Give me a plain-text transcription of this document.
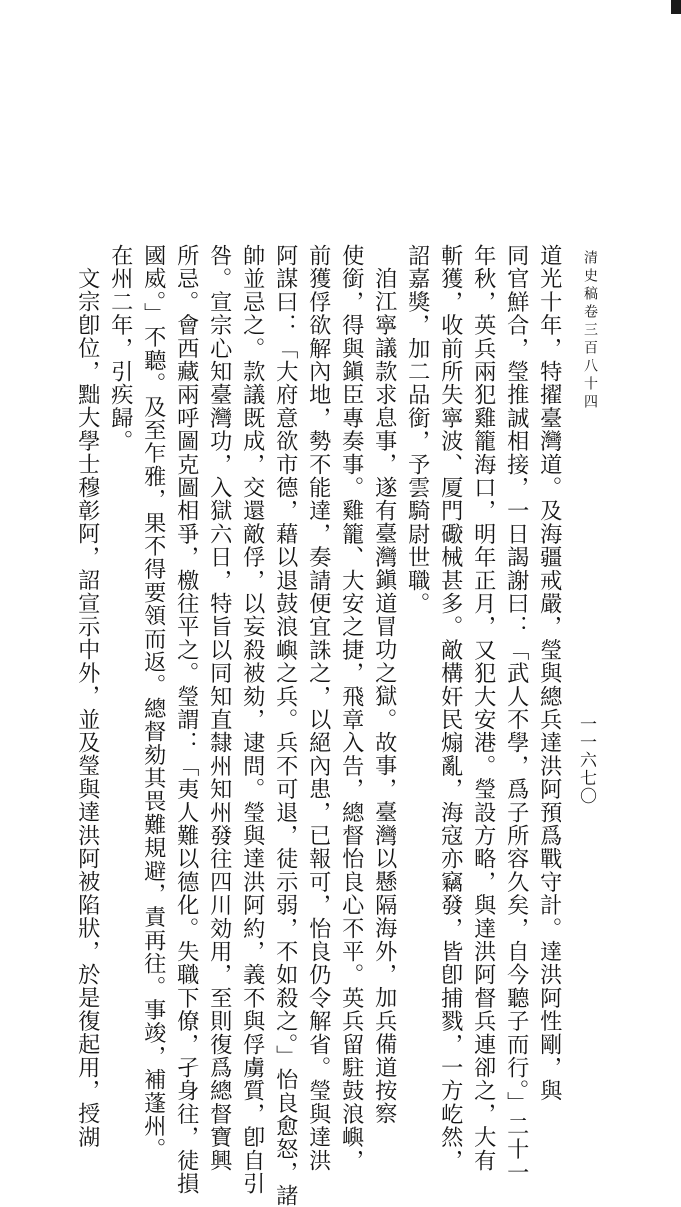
清史稿卷三百八十四
一一六七〇
道光十年，特擢臺灣道。及海疆戒嚴，瑩與總兵達洪阿預爲戰守計。達洪阿性剛，與
同官鮮合，瑩推誠相接，一日謁謝曰：「武人不學，爲子所容久矣，自今聽子而行。」二十一
年秋，英兵兩犯雞籠海口，明年正月，又犯大安港。瑩設方略，與達洪阿督兵連卻之，大有
斬獲，收前所失寧波、厦門礮械甚多。敵構奸民煽亂，海寇亦竊發，皆卽捕戮，一方屹然，
詔嘉獎，加二品銜，予雲騎尉世職。
洎江寧議款求息事，遂有臺灣鎭道冒功之獄。故事，臺灣以懸隔海外，加兵備道按察
使銜，得與鎭臣專奏事。雞籠、大安之捷，飛章入告，總督怡良心不平。英兵留駐鼓浪嶼，
前獲俘欲解內地，勢不能達，奏請便宜誅之，以絕內患，已報可，怡良仍令解省。瑩與達洪
阿謀曰：「大府意欲市德，藉以退鼓浪嶼之兵。兵不可退，徒示弱，不如殺之。」怡良愈怒，諸
帥並忌之。款議既成，交還敵俘，以妄殺被劾，逮問。瑩與達洪阿約，義不與俘虜質，卽自引
咎。宣宗心知臺灣功，入獄六日，特旨以同知直隸州知州發往四川効用，至則復爲總督寶興
所忌。會西藏兩呼圖克圖相爭，檄往平之。瑩謂：「夷人難以德化。失職下僚，孑身往，徒損
國威。」不聽。及至乍雅，果不得要領而返。總督劾其畏難規避，責再往。事竣，補蓬州。
在州二年，引疾歸。
文宗卽位，黜大學士穆彰阿，詔宣示中外，並及瑩與達洪阿被陷狀，於是復起用，授湖
